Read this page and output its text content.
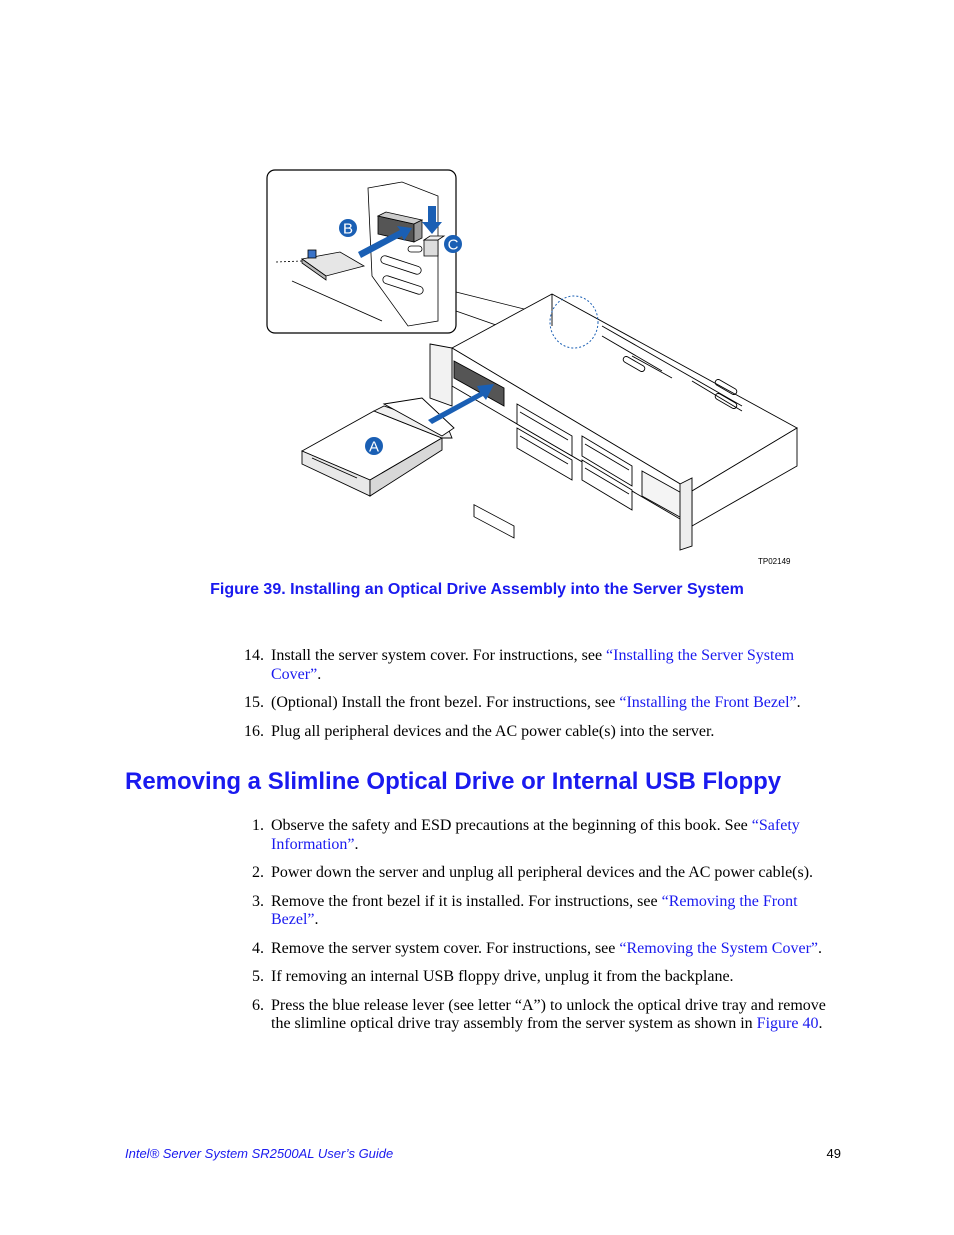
B
C
A
TP02149
Figure 39. Installing an Optical Drive Assembly into the Server System

14. Install the server system cover. For instructions, see “Installing the Server System Cover”.

15. (Optional) Install the front bezel. For instructions, see “Installing the Front Bezel”.

16. Plug all peripheral devices and the AC power cable(s) into the server.

Removing a Slimline Optical Drive or Internal USB Floppy

1. Observe the safety and ESD precautions at the beginning of this book. See “Safety Information”.

2. Power down the server and unplug all peripheral devices and the AC power cable(s).

3. Remove the front bezel if it is installed. For instructions, see “Removing the Front Bezel”.

4. Remove the server system cover. For instructions, see “Removing the System Cover”.

5. If removing an internal USB floppy drive, unplug it from the backplane.

6. Press the blue release lever (see letter “A”) to unlock the optical drive tray and remove the slimline optical drive tray assembly from the server system as shown in Figure 40.

Intel® Server System SR2500AL User’s Guide	49
